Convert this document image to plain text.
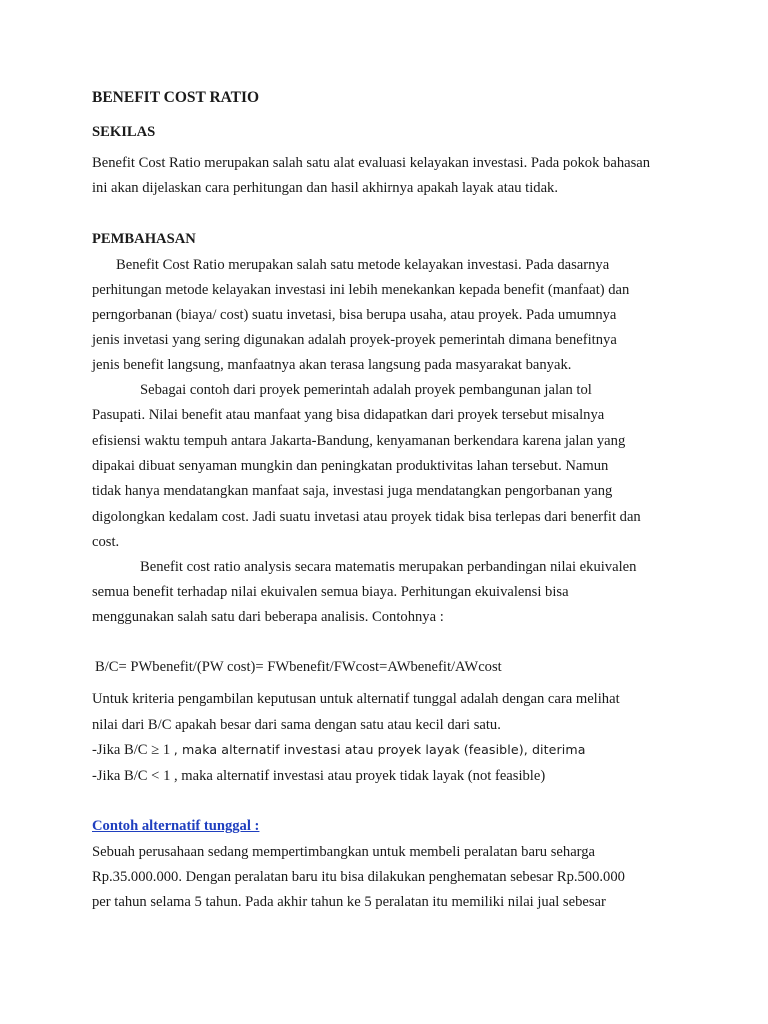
BENEFIT COST RATIO
SEKILAS
Benefit Cost Ratio merupakan salah satu alat evaluasi kelayakan investasi. Pada pokok bahasan
ini akan dijelaskan cara perhitungan dan hasil akhirnya apakah layak atau tidak.
PEMBAHASAN
Benefit Cost Ratio merupakan salah satu metode kelayakan investasi. Pada dasarnya
perhitungan metode kelayakan investasi ini lebih menekankan kepada benefit (manfaat) dan
perngorbanan (biaya/ cost) suatu invetasi, bisa berupa usaha, atau proyek. Pada umumnya
jenis invetasi yang sering digunakan adalah proyek-proyek pemerintah dimana benefitnya
jenis benefit langsung, manfaatnya akan terasa langsung pada masyarakat banyak.
Sebagai contoh dari proyek pemerintah adalah proyek pembangunan jalan tol
Pasupati. Nilai benefit atau manfaat yang bisa didapatkan dari proyek tersebut misalnya
efisiensi waktu tempuh antara Jakarta-Bandung, kenyamanan berkendara karena jalan yang
dipakai dibuat senyaman mungkin dan peningkatan produktivitas lahan tersebut. Namun
tidak hanya mendatangkan manfaat saja, investasi juga mendatangkan pengorbanan yang
digolongkan kedalam cost. Jadi suatu invetasi atau proyek tidak bisa terlepas dari benerfit dan
cost.
Benefit cost ratio analysis secara matematis merupakan perbandingan nilai ekuivalen
semua benefit terhadap nilai ekuivalen semua biaya. Perhitungan ekuivalensi bisa
menggunakan salah satu dari beberapa analisis. Contohnya :
B/C= PWbenefit/(PW cost)= FWbenefit/FWcost=AWbenefit/AWcost
Untuk kriteria pengambilan keputusan untuk alternatif tunggal adalah dengan cara melihat
nilai dari B/C apakah besar dari sama dengan satu atau kecil dari satu.
-Jika B/C ≥ 1 , maka alternatif investasi atau proyek layak (feasible), diterima
-Jika B/C < 1 , maka alternatif investasi atau proyek tidak layak (not feasible)
Contoh alternatif tunggal :
Sebuah perusahaan sedang mempertimbangkan untuk membeli peralatan baru seharga
Rp.35.000.000. Dengan peralatan baru itu bisa dilakukan penghematan sebesar Rp.500.000
per tahun selama 5 tahun. Pada akhir tahun ke 5 peralatan itu memiliki nilai jual sebesar
